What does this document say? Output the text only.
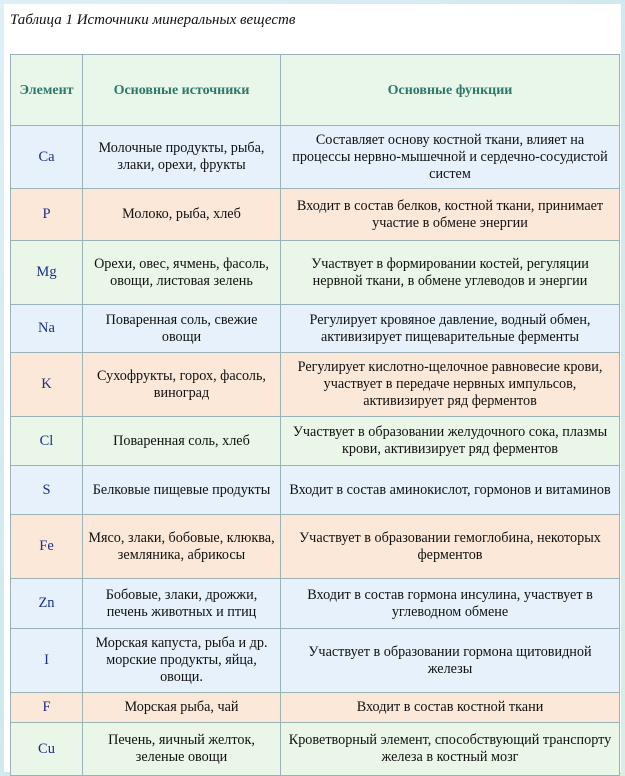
Таблица 1 Источники минеральных веществ
Элемент	Основные источники	Основные функции
Ca	Молочные продукты, рыба, злаки, орехи, фрукты	Составляет основу костной ткани, влияет на процессы нервно-мышечной и сердечно-сосудистой систем
P	Молоко, рыба, хлеб	Входит в состав белков, костной ткани, принимает участие в обмене энергии
Mg	Орехи, овес, ячмень, фасоль, овощи, листовая зелень	Участвует в формировании костей, регуляции нервной ткани, в обмене углеводов и энергии
Na	Поваренная соль, свежие овощи	Регулирует кровяное давление, водный обмен, активизирует пищеварительные ферменты
K	Сухофрукты, горох, фасоль, виноград	Регулирует кислотно-щелочное равновесие крови, участвует в передаче нервных импульсов, активизирует ряд ферментов
Cl	Поваренная соль, хлеб	Участвует в образовании желудочного сока, плазмы крови, активизирует ряд ферментов
S	Белковые пищевые продукты	Входит в состав аминокислот, гормонов и витаминов
Fe	Мясо, злаки, бобовые, клюква, земляника, абрикосы	Участвует в образовании гемоглобина, некоторых ферментов
Zn	Бобовые, злаки, дрожжи, печень животных и птиц	Входит в состав гормона инсулина, участвует в углеводном обмене
I	Морская капуста, рыба и др. морские продукты, яйца, овощи.	Участвует в образовании гормона щитовидной железы
F	Морская рыба, чай	Входит в состав костной ткани
Cu	Печень, яичный желток, зеленые овощи	Кроветворный элемент, способствующий транспорту железа в костный мозг
